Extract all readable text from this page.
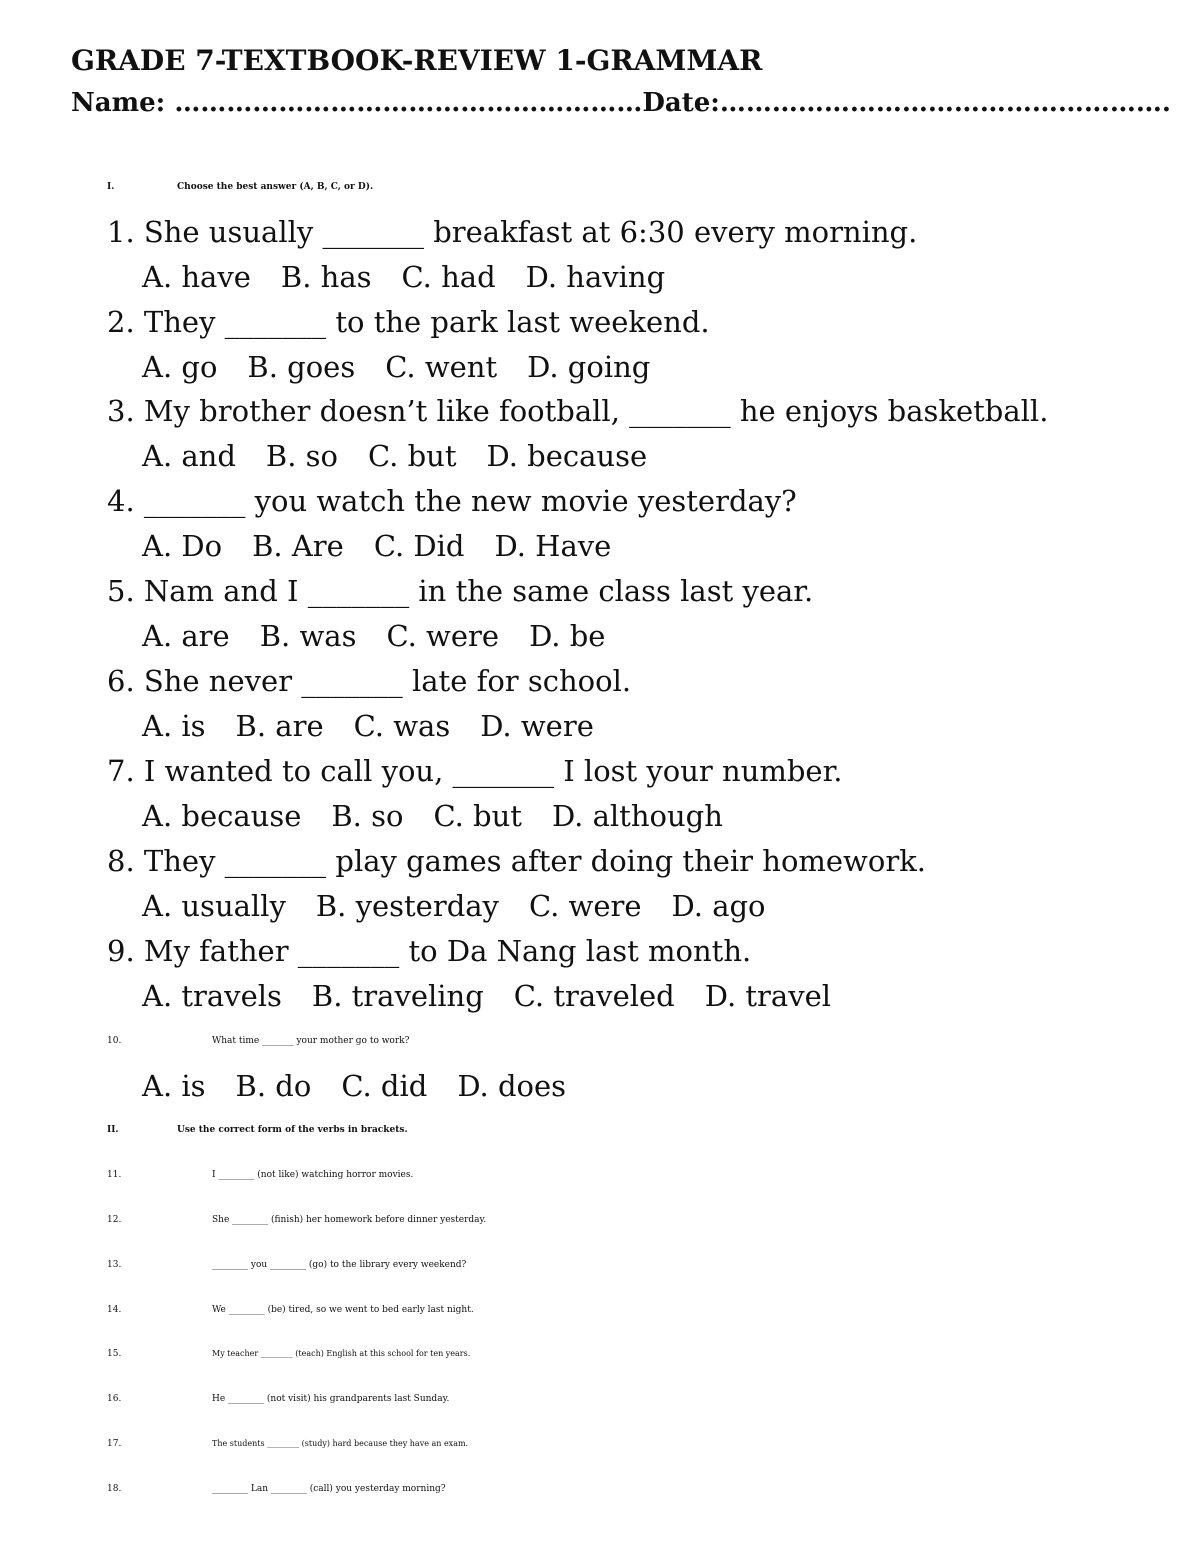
GRADE 7-TEXTBOOK-REVIEW 1-GRAMMAR
Name: ………………………………………………Date:…………………………………………….
I.	Choose the best answer (A, B, C, or D).
1. She usually _______ breakfast at 6:30 every morning.
A. have B. has C. had D. having
2. They _______ to the park last weekend.
A. go B. goes C. went D. going
3. My brother doesn’t like football, _______ he enjoys basketball.
A. and B. so C. but D. because
4. _______ you watch the new movie yesterday?
A. Do B. Are C. Did D. Have
5. Nam and I _______ in the same class last year.
A. are B. was C. were D. be
6. She never _______ late for school.
A. is B. are C. was D. were
7. I wanted to call you, _______ I lost your number.
A. because B. so C. but D. although
8. They _______ play games after doing their homework.
A. usually B. yesterday C. were D. ago
9. My father _______ to Da Nang last month.
A. travels B. traveling C. traveled D. travel
10.	What time _______ your mother go to work?
A. is B. do C. did D. does
II.	Use the correct form of the verbs in brackets.
11.	I ________ (not like) watching horror movies.
12.	She ________ (finish) her homework before dinner yesterday.
13.	________ you ________ (go) to the library every weekend?
14.	We ________ (be) tired, so we went to bed early last night.
15.	My teacher ________ (teach) English at this school for ten years.
16.	He ________ (not visit) his grandparents last Sunday.
17.	The students ________ (study) hard because they have an exam.
18.	________ Lan ________ (call) you yesterday morning?
